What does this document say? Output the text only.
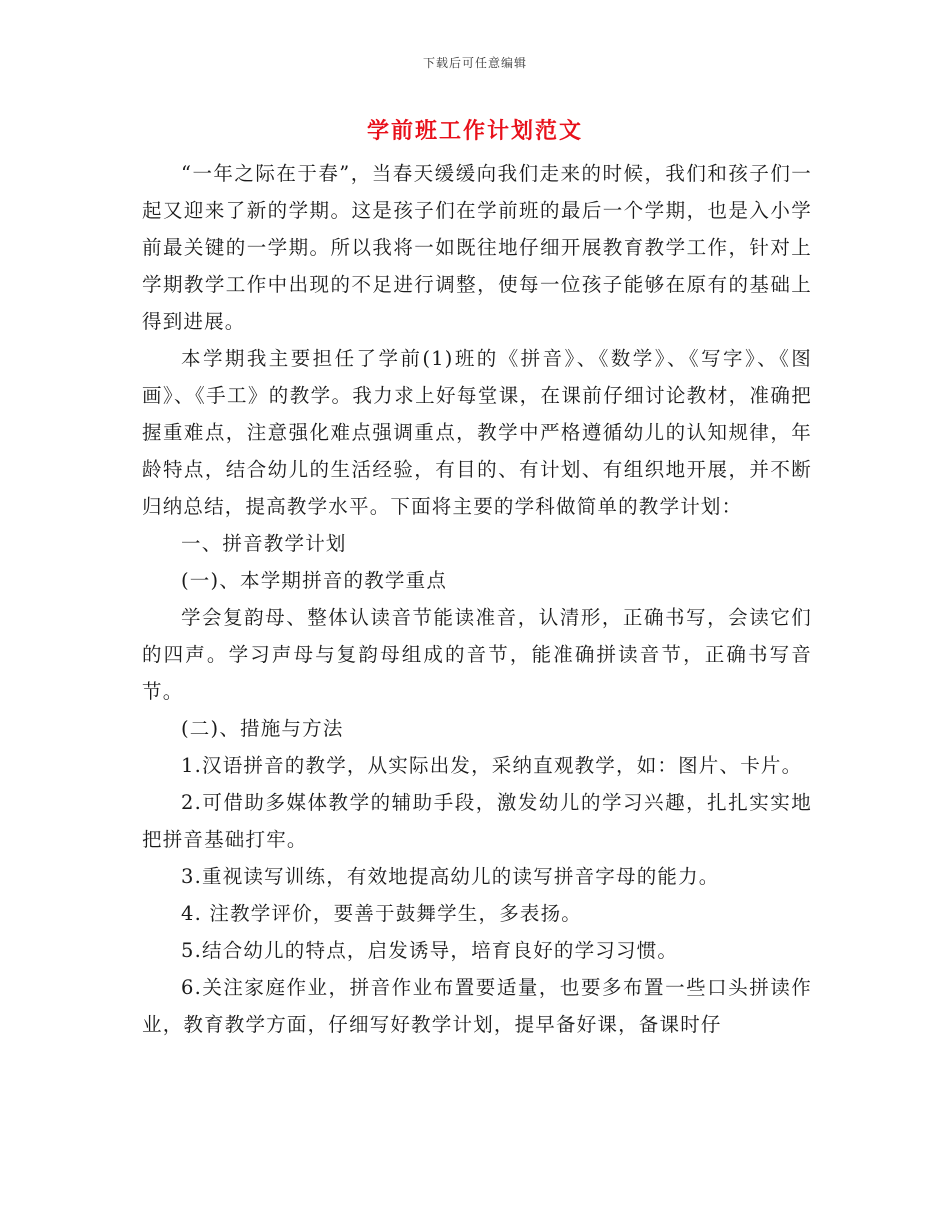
下载后可任意编辑
学前班工作计划范文

“一年之际在于春”，当春天缓缓向我们走来的时候，我们和孩子们一起又迎来了新的学期。这是孩子们在学前班的最后一个学期，也是入小学前最关键的一学期。所以我将一如既往地仔细开展教育教学工作，针对上学期教学工作中出现的不足进行调整，使每一位孩子能够在原有的基础上得到进展。

本学期我主要担任了学前(1)班的《拼音》、《数学》、《写字》、《图画》、《手工》的教学。我力求上好每堂课，在课前仔细讨论教材，准确把握重难点，注意强化难点强调重点，教学中严格遵循幼儿的认知规律，年龄特点，结合幼儿的生活经验，有目的、有计划、有组织地开展，并不断归纳总结，提高教学水平。下面将主要的学科做简单的教学计划：

一、拼音教学计划

(一)、本学期拼音的教学重点

学会复韵母、整体认读音节能读准音，认清形，正确书写，会读它们的四声。学习声母与复韵母组成的音节，能准确拼读音节，正确书写音节。

(二)、措施与方法

1.汉语拼音的教学，从实际出发，采纳直观教学，如：图片、卡片。

2.可借助多媒体教学的辅助手段，激发幼儿的学习兴趣，扎扎实实地把拼音基础打牢。

3.重视读写训练，有效地提高幼儿的读写拼音字母的能力。

4. 注教学评价，要善于鼓舞学生，多表扬。

5.结合幼儿的特点，启发诱导，培育良好的学习习惯。

6.关注家庭作业，拼音作业布置要适量，也要多布置一些口头拼读作业，教育教学方面，仔细写好教学计划，提早备好课，备课时仔
